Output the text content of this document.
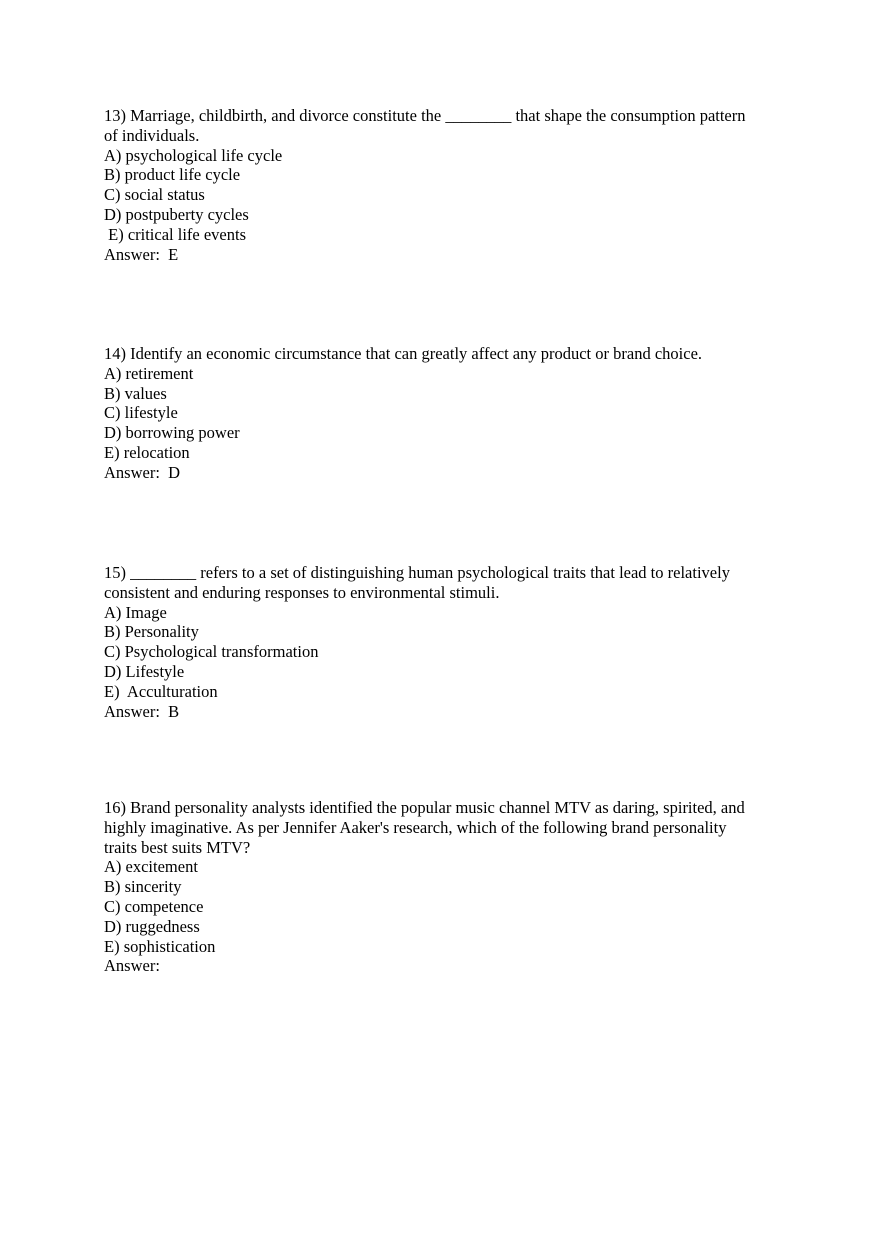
13) Marriage, childbirth, and divorce constitute the ________ that shape the consumption pattern
of individuals.
A) psychological life cycle
B) product life cycle
C) social status
D) postpuberty cycles
E) critical life events
Answer:  E
14) Identify an economic circumstance that can greatly affect any product or brand choice.
A) retirement
B) values
C) lifestyle
D) borrowing power
E) relocation
Answer:  D
15) ________ refers to a set of distinguishing human psychological traits that lead to relatively
consistent and enduring responses to environmental stimuli.
A) Image
B) Personality
C) Psychological transformation
D) Lifestyle
E)  Acculturation
Answer:  B
16) Brand personality analysts identified the popular music channel MTV as daring, spirited, and
highly imaginative. As per Jennifer Aaker's research, which of the following brand personality
traits best suits MTV?
A) excitement
B) sincerity
C) competence
D) ruggedness
E) sophistication
Answer:
